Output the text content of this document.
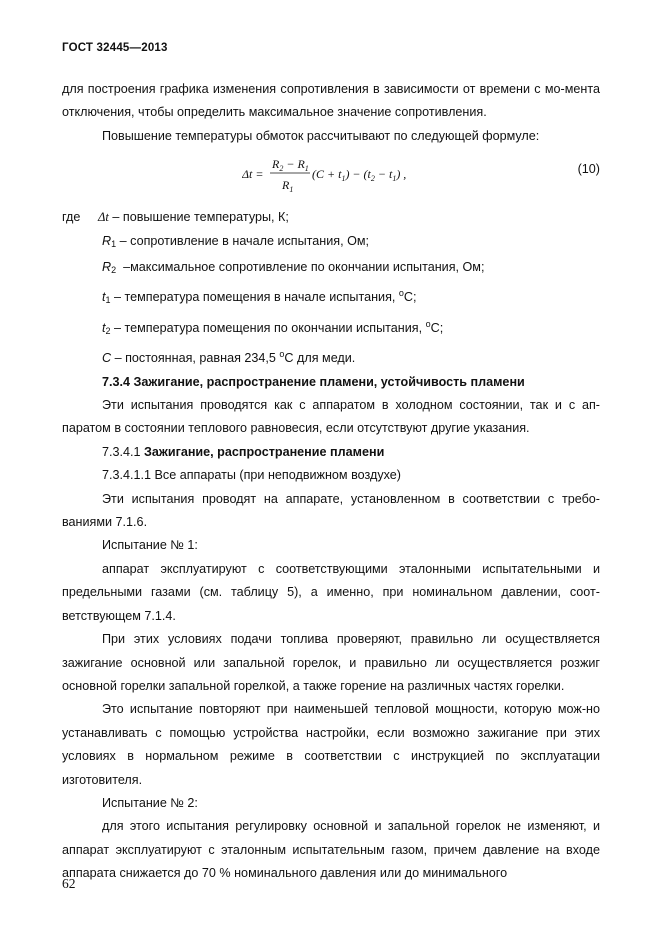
ГОСТ 32445—2013

для построения графика изменения сопротивления в зависимости от времени с мо-мента отключения, чтобы определить максимальное значение сопротивления.

Повышение температуры обмоток рассчитывают по следующей формуле:

Δt =
$R_2 - R_1$
$R_1$
$(C + t_1) - (t_2 - t_1)$ ,	(10)
где Δt – повышение температуры, К;
R1 – сопротивление в начале испытания, Ом;
R2 –максимальное сопротивление по окончании испытания, Ом;
t1 – температура помещения в начале испытания, $^o$С;
t2 – температура помещения по окончании испытания, $^o$С;
C – постоянная, равная 234,5 $^o$С для меди.

7.3.4 Зажигание, распространение пламени, устойчивость пламени

Эти испытания проводятся как с аппаратом в холодном состоянии, так и с ап-паратом в состоянии теплового равновесия, если отсутствуют другие указания.

7.3.4.1 Зажигание, распространение пламени

7.3.4.1.1 Все аппараты (при неподвижном воздухе)

Эти испытания проводят на аппарате, установленном в соответствии с требо-ваниями 7.1.6.

Испытание № 1:

аппарат эксплуатируют с соответствующими эталонными испытательными и предельными газами (см. таблицу 5), а именно, при номинальном давлении, соот-ветствующем 7.1.4.

При этих условиях подачи топлива проверяют, правильно ли осуществляется зажигание основной или запальной горелок, и правильно ли осуществляется розжиг основной горелки запальной горелкой, а также горение на различных частях горелки.

Это испытание повторяют при наименьшей тепловой мощности, которую мож-но устанавливать с помощью устройства настройки, если возможно зажигание при этих условиях в нормальном режиме в соответствии с инструкцией по эксплуатации изготовителя.

Испытание № 2:

для этого испытания регулировку основной и запальной горелок не изменяют, и аппарат эксплуатируют с эталонным испытательным газом, причем давление на входе аппарата снижается до 70 % номинального давления или до минимального

62
